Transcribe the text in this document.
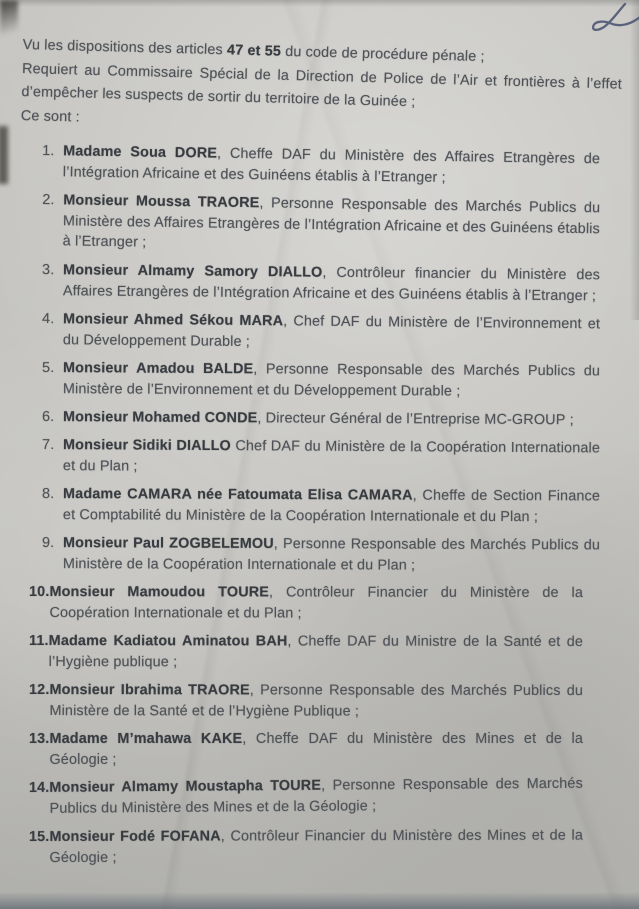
Vu les dispositions des articles 47 et 55 du code de procédure pénale ;

Requiert au Commissaire Spécial de la Direction de Police de l’Air et frontières à l’effet d’empêcher les suspects de sortir du territoire de la Guinée ;

Ce sont :

1. Madame Soua DORE, Cheffe DAF du Ministère des Affaires Etrangères de l’Intégration Africaine et des Guinéens établis à l’Etranger ;
2. Monsieur Moussa TRAORE, Personne Responsable des Marchés Publics du Ministère des Affaires Etrangères de l’Intégration Africaine et des Guinéens établis à l’Etranger ;
3. Monsieur Almamy Samory DIALLO, Contrôleur financier du Ministère des Affaires Etrangères de l’Intégration Africaine et des Guinéens établis à l’Etranger ;
4. Monsieur Ahmed Sékou MARA, Chef DAF du Ministère de l’Environnement et du Développement Durable ;
5. Monsieur Amadou BALDE, Personne Responsable des Marchés Publics du Ministère de l’Environnement et du Développement Durable ;
6. Monsieur Mohamed CONDE, Directeur Général de l’Entreprise MC-GROUP ;
7. Monsieur Sidiki DIALLO Chef DAF du Ministère de la Coopération Internationale et du Plan ;
8. Madame CAMARA née Fatoumata Elisa CAMARA, Cheffe de Section Finance et Comptabilité du Ministère de la Coopération Internationale et du Plan ;
9. Monsieur Paul ZOGBELEMOU, Personne Responsable des Marchés Publics du Ministère de la Coopération Internationale et du Plan ;
10. Monsieur Mamoudou TOURE, Contrôleur Financier du Ministère de la Coopération Internationale et du Plan ;
11. Madame Kadiatou Aminatou BAH, Cheffe DAF du Ministre de la Santé et de l’Hygiène publique ;
12. Monsieur Ibrahima TRAORE, Personne Responsable des Marchés Publics du Ministère de la Santé et de l’Hygiène Publique ;
13. Madame M’mahawa KAKE, Cheffe DAF du Ministère des Mines et de la Géologie ;
14. Monsieur Almamy Moustapha TOURE, Personne Responsable des Marchés Publics du Ministère des Mines et de la Géologie ;
15. Monsieur Fodé FOFANA, Contrôleur Financier du Ministère des Mines et de la Géologie ;
